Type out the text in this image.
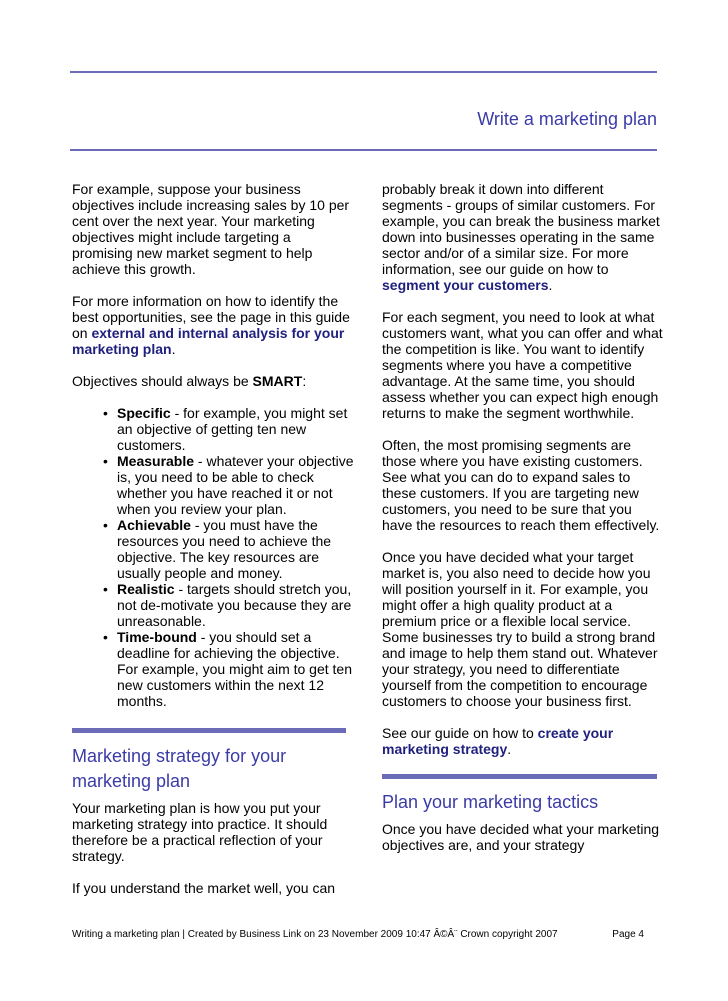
Write a marketing plan

For example, suppose your business objectives include increasing sales by 10 per cent over the next year. Your marketing objectives might include targeting a promising new market segment to help achieve this growth.

For more information on how to identify the best opportunities, see the page in this guide on external and internal analysis for your marketing plan.

Objectives should always be SMART:

• Specific - for example, you might set an objective of getting ten new customers.
• Measurable - whatever your objective is, you need to be able to check whether you have reached it or not when you review your plan.
• Achievable - you must have the resources you need to achieve the objective. The key resources are usually people and money.
• Realistic - targets should stretch you, not de-motivate you because they are unreasonable.
• Time-bound - you should set a deadline for achieving the objective. For example, you might aim to get ten new customers within the next 12 months.
Marketing strategy for your marketing plan

Your marketing plan is how you put your marketing strategy into practice. It should therefore be a practical reflection of your strategy.

If you understand the market well, you can

probably break it down into different segments - groups of similar customers. For example, you can break the business market down into businesses operating in the same sector and/or of a similar size. For more information, see our guide on how to segment your customers.

For each segment, you need to look at what customers want, what you can offer and what the competition is like. You want to identify segments where you have a competitive advantage. At the same time, you should assess whether you can expect high enough returns to make the segment worthwhile.

Often, the most promising segments are those where you have existing customers. See what you can do to expand sales to these customers. If you are targeting new customers, you need to be sure that you have the resources to reach them effectively.

Once you have decided what your target market is, you also need to decide how you will position yourself in it. For example, you might offer a high quality product at a premium price or a flexible local service. Some businesses try to build a strong brand and image to help them stand out. Whatever your strategy, you need to differentiate yourself from the competition to encourage customers to choose your business first.

See our guide on how to create your marketing strategy.

Plan your marketing tactics

Once you have decided what your marketing objectives are, and your strategy

Writing a marketing plan | Created by Business Link on 23 November 2009 10:47 Â©Â¨ Crown copyright 2007	Page 4
